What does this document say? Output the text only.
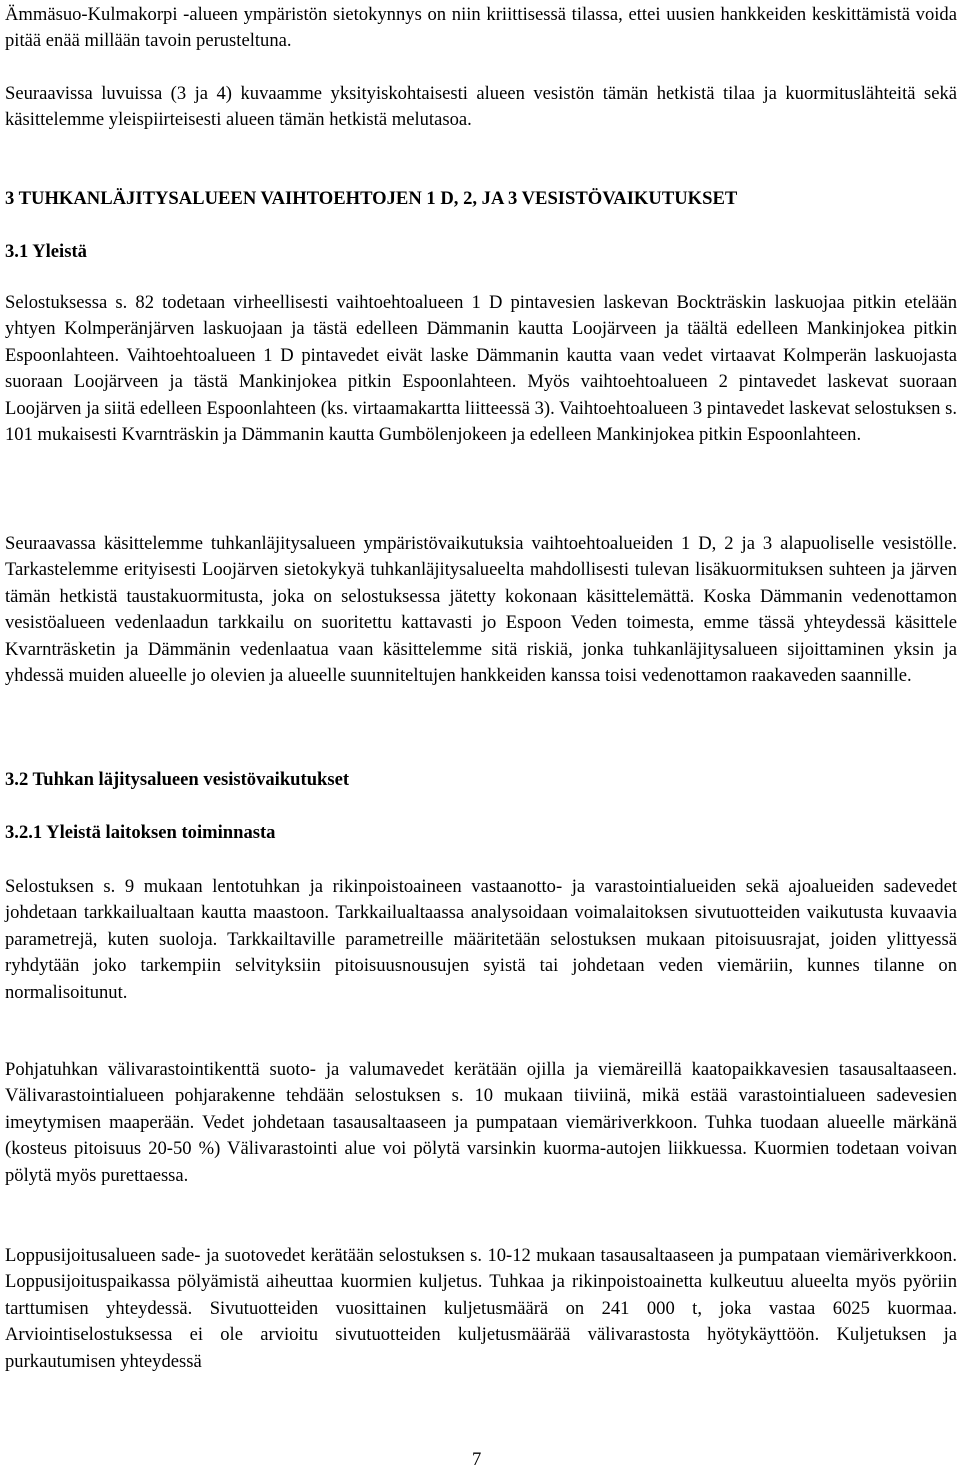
Ämmäsuo-Kulmakorpi -alueen ympäristön sietokynnys on niin kriittisessä tilassa, ettei uusien hankkeiden keskittämistä voida pitää enää millään tavoin perusteltuna.

Seuraavissa luvuissa (3 ja 4) kuvaamme yksityiskohtaisesti alueen vesistön tämän hetkistä tilaa ja kuormituslähteitä sekä käsittelemme yleispiirteisesti alueen tämän hetkistä melutasoa.

3 TUHKANLÄJITYSALUEEN VAIHTOEHTOJEN 1 D, 2, JA 3 VESISTÖVAIKUTUKSET
3.1 Yleistä

Selostuksessa s. 82 todetaan virheellisesti vaihtoehtoalueen 1 D pintavesien laskevan Bockträskin laskuojaa pitkin etelään yhtyen Kolmperänjärven laskuojaan ja tästä edelleen Dämmanin kautta Loojärveen ja täältä edelleen Mankinjokea pitkin Espoonlahteen. Vaihtoehtoalueen 1 D pintavedet eivät laske Dämmanin kautta vaan vedet virtaavat Kolmperän laskuojasta suoraan Loojärveen ja tästä Mankinjokea pitkin Espoonlahteen. Myös vaihtoehtoalueen 2 pintavedet laskevat suoraan Loojärven ja siitä edelleen Espoonlahteen (ks. virtaamakartta liitteessä 3). Vaihtoehtoalueen 3 pintavedet laskevat selostuksen s. 101 mukaisesti Kvarnträskin ja Dämmanin kautta Gumbölenjokeen ja edelleen Mankinjokea pitkin Espoonlahteen.

Seuraavassa käsittelemme tuhkanläjitysalueen ympäristövaikutuksia vaihtoehtoalueiden 1 D, 2 ja 3 alapuoliselle vesistölle. Tarkastelemme erityisesti Loojärven sietokykyä tuhkanläjitysalueelta mahdollisesti tulevan lisäkuormituksen suhteen ja järven tämän hetkistä taustakuormitusta, joka on selostuksessa jätetty kokonaan käsittelemättä. Koska Dämmanin vedenottamon vesistöalueen vedenlaadun tarkkailu on suoritettu kattavasti jo Espoon Veden toimesta, emme tässä yhteydessä käsittele Kvarnträsketin ja Dämmänin vedenlaatua vaan käsittelemme sitä riskiä, jonka tuhkanläjitysalueen sijoittaminen yksin ja yhdessä muiden alueelle jo olevien ja alueelle suunniteltujen hankkeiden kanssa toisi vedenottamon raakaveden saannille.

3.2 Tuhkan läjitysalueen vesistövaikutukset
3.2.1 Yleistä laitoksen toiminnasta

Selostuksen s. 9 mukaan lentotuhkan ja rikinpoistoaineen vastaanotto- ja varastointialueiden sekä ajoalueiden sadevedet johdetaan tarkkailualtaan kautta maastoon. Tarkkailualtaassa analysoidaan voimalaitoksen sivutuotteiden vaikutusta kuvaavia parametrejä, kuten suoloja. Tarkkailtaville parametreille määritetään selostuksen mukaan pitoisuusrajat, joiden ylittyessä ryhdytään joko tarkempiin selvityksiin pitoisuusnousujen syistä tai johdetaan veden viemäriin, kunnes tilanne on normalisoitunut.

Pohjatuhkan välivarastointikenttä suoto- ja valumavedet kerätään ojilla ja viemäreillä kaatopaikkavesien tasausaltaaseen. Välivarastointialueen pohjarakenne tehdään selostuksen s. 10 mukaan tiiviinä, mikä estää varastointialueen sadevesien imeytymisen maaperään. Vedet johdetaan tasausaltaaseen ja pumpataan viemäriverkkoon. Tuhka tuodaan alueelle märkänä (kosteus pitoisuus 20-50 %) Välivarastointi alue voi pölytä varsinkin kuorma-autojen liikkuessa. Kuormien todetaan voivan pölytä myös purettaessa.

Loppusijoitusalueen sade- ja suotovedet kerätään selostuksen s. 10-12 mukaan tasausaltaaseen ja pumpataan viemäriverkkoon. Loppusijoituspaikassa pölyämistä aiheuttaa kuormien kuljetus. Tuhkaa ja rikinpoistoainetta kulkeutuu alueelta myös pyöriin tarttumisen yhteydessä. Sivutuotteiden vuosittainen kuljetusmäärä on 241 000 t, joka vastaa 6025 kuormaa. Arviointiselostuksessa ei ole arvioitu sivutuotteiden kuljetusmäärää välivarastosta hyötykäyttöön. Kuljetuksen ja purkautumisen yhteydessä

7
